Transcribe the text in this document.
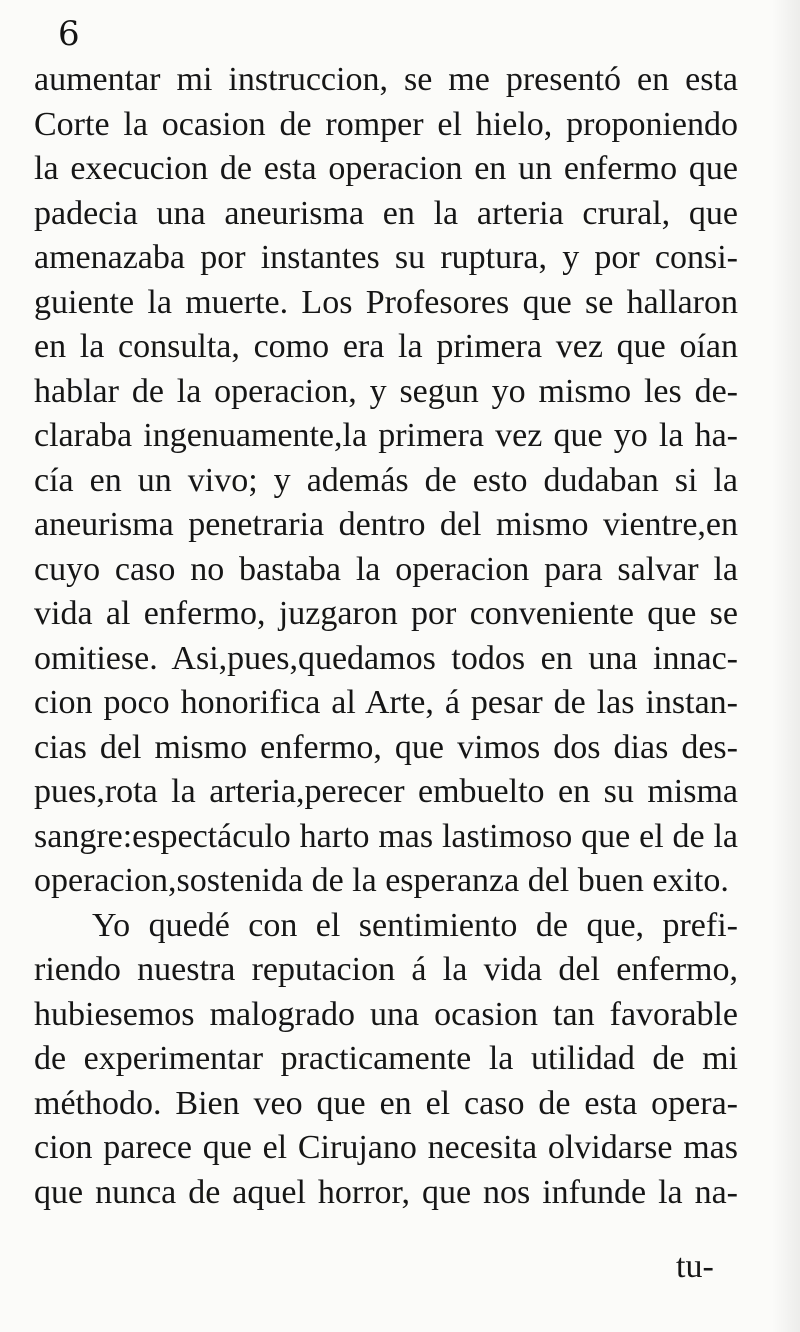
6
aumentar mi instruccion, se me presentó en esta
Corte la ocasion de romper el hielo, proponiendo
la execucion de esta operacion en un enfermo que
padecia una aneurisma en la arteria crural, que
amenazaba por instantes su ruptura, y por consi-
guiente la muerte. Los Profesores que se hallaron
en la consulta, como era la primera vez que oían
hablar de la operacion, y segun yo mismo les de-
claraba ingenuamente,la primera vez que yo la ha-
cía en un vivo; y además de esto dudaban si la
aneurisma penetraria dentro del mismo vientre,en
cuyo caso no bastaba la operacion para salvar la
vida al enfermo, juzgaron por conveniente que se
omitiese. Asi,pues,quedamos todos en una innac-
cion poco honorifica al Arte, á pesar de las instan-
cias del mismo enfermo, que vimos dos dias des-
pues,rota la arteria,perecer embuelto en su misma
sangre:espectáculo harto mas lastimoso que el de la
operacion,sostenida de la esperanza del buen exito.
Yo quedé con el sentimiento de que, prefi-
riendo nuestra reputacion á la vida del enfermo,
hubiesemos malogrado una ocasion tan favorable
de experimentar practicamente la utilidad de mi
méthodo. Bien veo que en el caso de esta opera-
cion parece que el Cirujano necesita olvidarse mas
que nunca de aquel horror, que nos infunde la na-
tu-
